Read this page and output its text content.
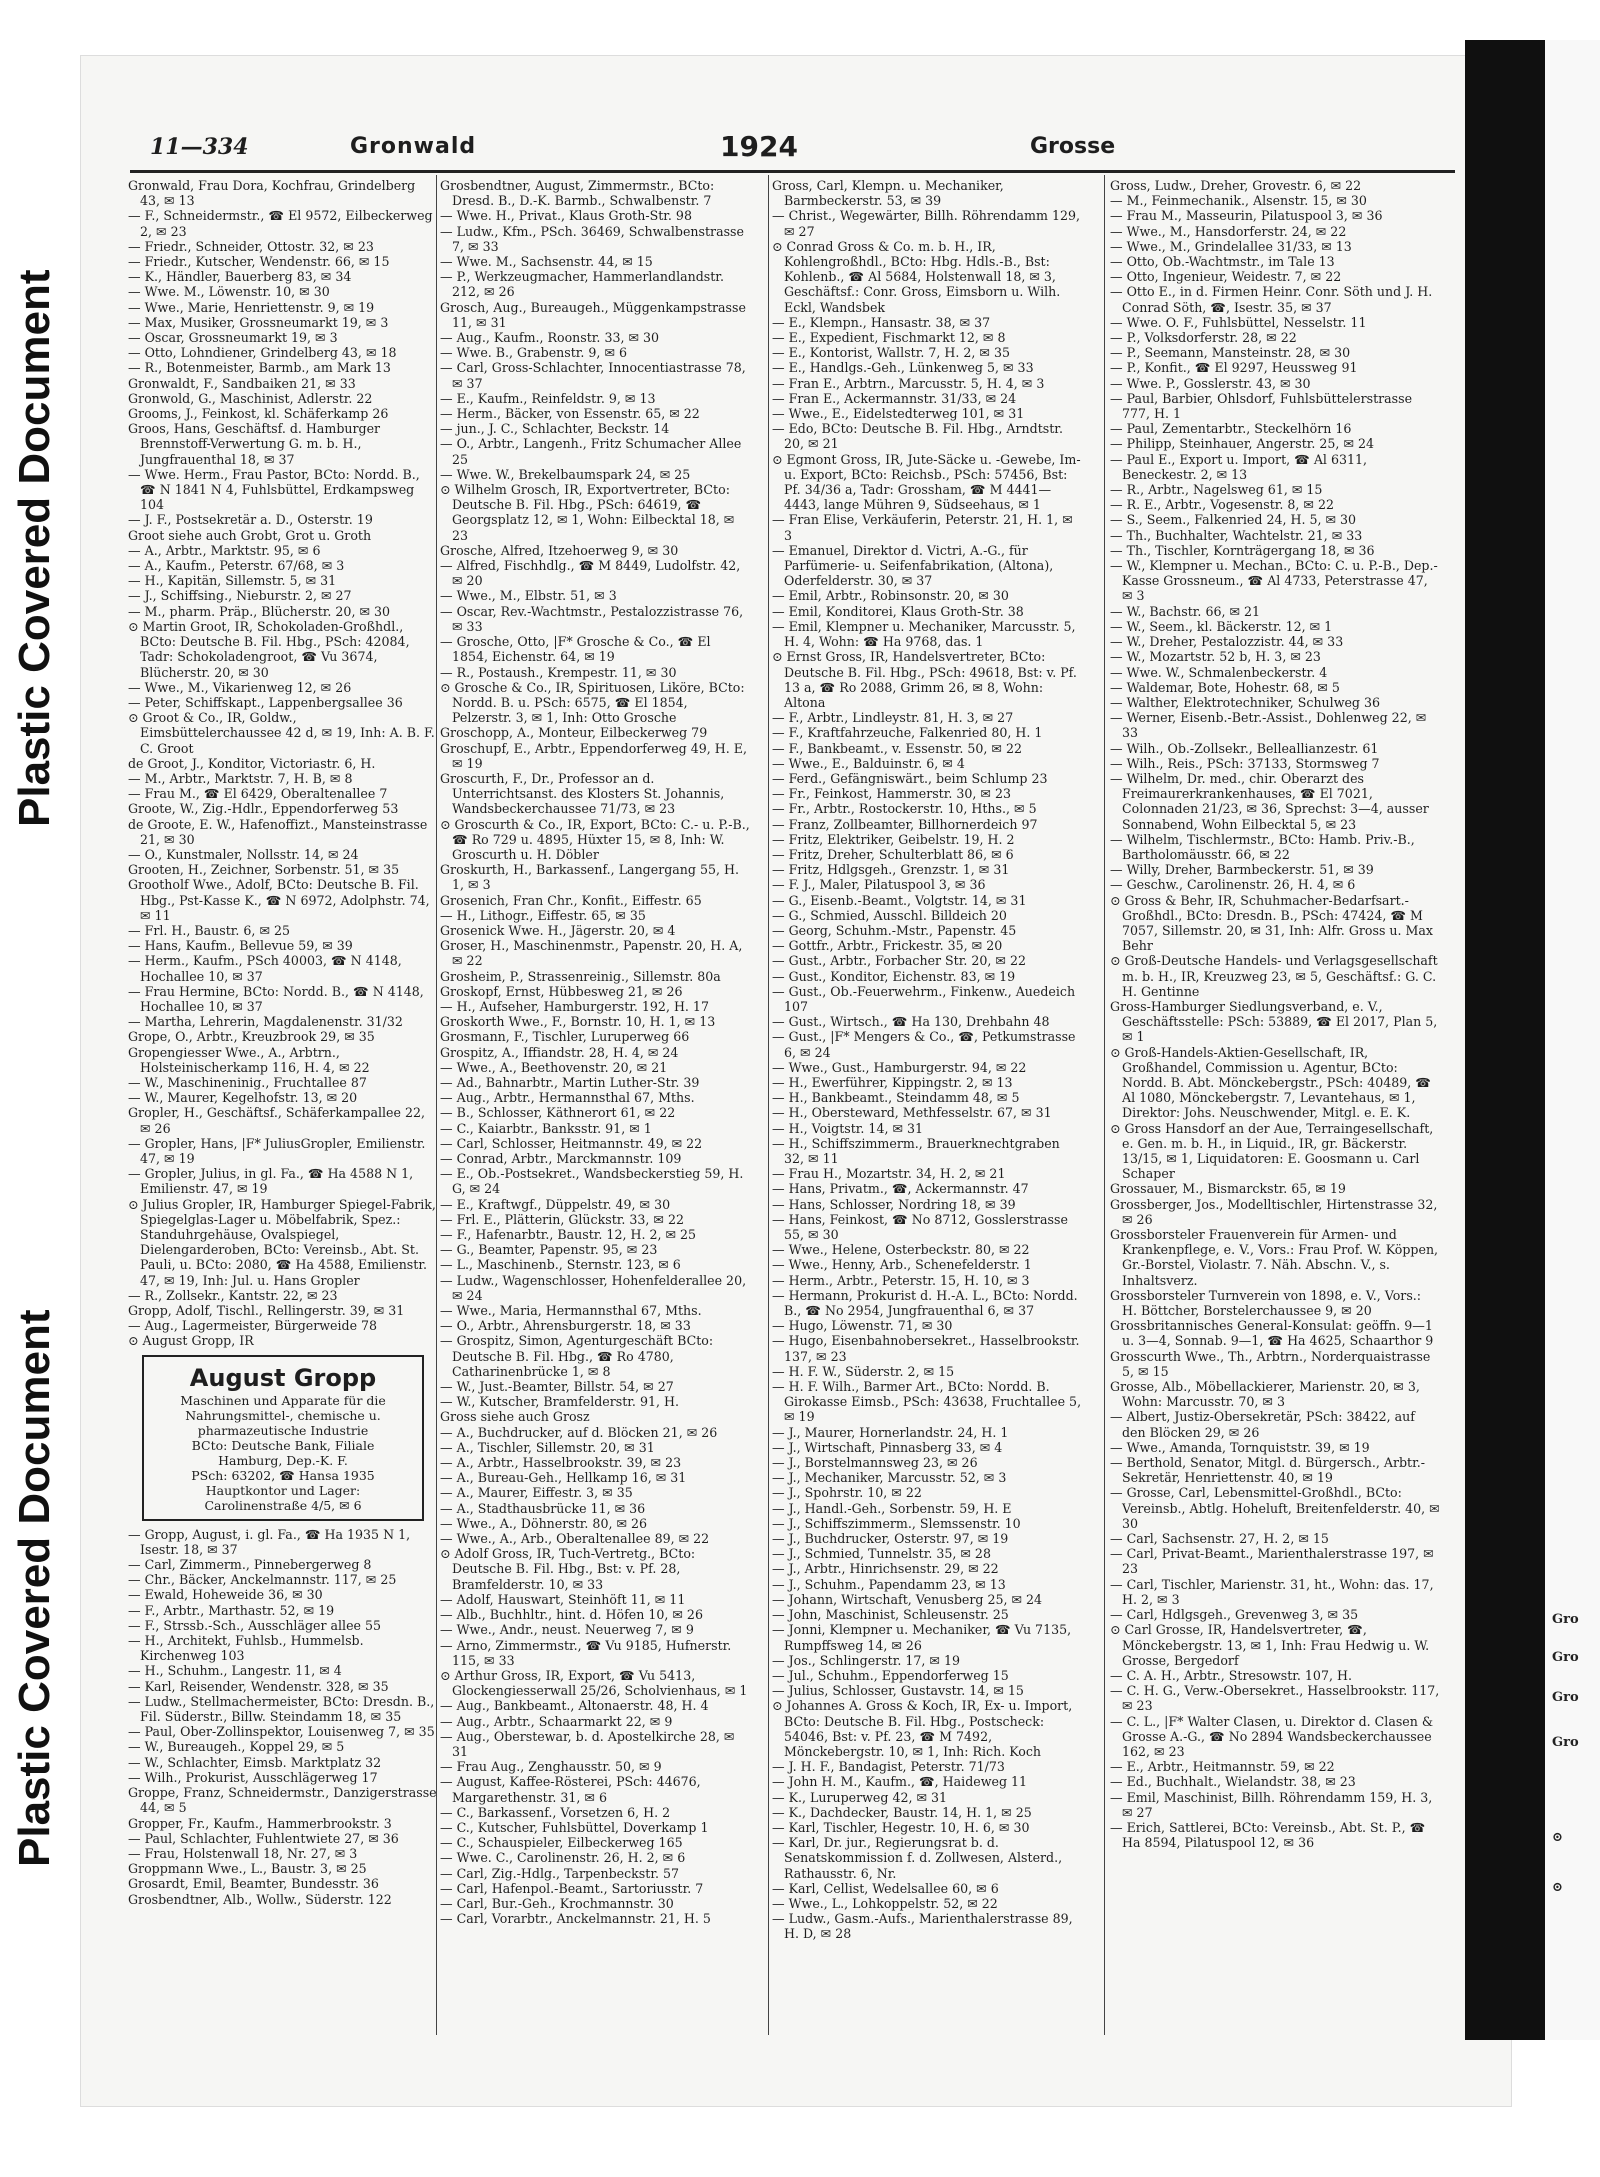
Plastic Covered Document
Plastic Covered Document	Gro
Gro
Gro
Gro
⊙
⊙
11—334	Gronwald	1924	Grosse

Gronwald, Frau Dora, Kochfrau, Grindelberg 43, ✉ 13

— F., Schneidermstr., ☎ El 9572, Eilbeckerweg 2, ✉ 23

— Friedr., Schneider, Ottostr. 32, ✉ 23

— Friedr., Kutscher, Wendenstr. 66, ✉ 15

— K., Händler, Bauerberg 83, ✉ 34

— Wwe. M., Löwenstr. 10, ✉ 30

— Wwe., Marie, Henriettenstr. 9, ✉ 19

— Max, Musiker, Grossneumarkt 19, ✉ 3

— Oscar, Grossneumarkt 19, ✉ 3

— Otto, Lohndiener, Grindelberg 43, ✉ 18

— R., Botenmeister, Barmb., am Mark 13

Gronwaldt, F., Sandbaiken 21, ✉ 33

Gronwold, G., Maschinist, Adlerstr. 22

Grooms, J., Feinkost, kl. Schäferkamp 26

Groos, Hans, Geschäftsf. d. Hamburger Brennstoff-Verwertung G. m. b. H., Jungfrauenthal 18, ✉ 37

— Wwe. Herm., Frau Pastor, BCto: Nordd. B., ☎ N 1841 N 4, Fuhlsbüttel, Erdkampsweg 104

— J. F., Postsekretär a. D., Osterstr. 19

Groot siehe auch Grobt, Grot u. Groth

— A., Arbtr., Marktstr. 95, ✉ 6

— A., Kaufm., Peterstr. 67/68, ✉ 3

— H., Kapitän, Sillemstr. 5, ✉ 31

— J., Schiffsing., Nieburstr. 2, ✉ 27

— M., pharm. Präp., Blücherstr. 20, ✉ 30

⊙ Martin Groot, IR, Schokoladen-Großhdl., BCto: Deutsche B. Fil. Hbg., PSch: 42084, Tadr: Schokoladengroot, ☎ Vu 3674, Blücherstr. 20, ✉ 30

— Wwe., M., Vikarienweg 12, ✉ 26

— Peter, Schiffskapt., Lappenbergsallee 36

⊙ Groot & Co., IR, Goldw., Eimsbüttelerchaussee 42 d, ✉ 19, Inh: A. B. F. C. Groot

de Groot, J., Konditor, Victoriastr. 6, H.

— M., Arbtr., Marktstr. 7, H. B, ✉ 8

— Frau M., ☎ El 6429, Oberaltenallee 7

Groote, W., Zig.-Hdlr., Eppendorferweg 53

de Groote, E. W., Hafenoffizt., Mansteinstrasse 21, ✉ 30

— O., Kunstmaler, Nollsstr. 14, ✉ 24

Grooten, H., Zeichner, Sorbenstr. 51, ✉ 35

Grootholf Wwe., Adolf, BCto: Deutsche B. Fil. Hbg., Pst-Kasse K., ☎ N 6972, Adolphstr. 74, ✉ 11

— Frl. H., Baustr. 6, ✉ 25

— Hans, Kaufm., Bellevue 59, ✉ 39

— Herm., Kaufm., PSch 40003, ☎ N 4148, Hochallee 10, ✉ 37

— Frau Hermine, BCto: Nordd. B., ☎ N 4148, Hochallee 10, ✉ 37

— Martha, Lehrerin, Magdalenenstr. 31/32

Grope, O., Arbtr., Kreuzbrook 29, ✉ 35

Gropengiesser Wwe., A., Arbtrn., Holsteinischerkamp 116, H. 4, ✉ 22

— W., Maschineninig., Fruchtallee 87

— W., Maurer, Kegelhofstr. 13, ✉ 20

Gropler, H., Geschäftsf., Schäferkampallee 22, ✉ 26

— Gropler, Hans, |F* JuliusGropler, Emilienstr. 47, ✉ 19

— Gropler, Julius, in gl. Fa., ☎ Ha 4588 N 1, Emilienstr. 47, ✉ 19

⊙ Julius Gropler, IR, Hamburger Spiegel-Fabrik, Spiegelglas-Lager u. Möbelfabrik, Spez.: Standuhrgehäuse, Ovalspiegel, Dielengarderoben, BCto: Vereinsb., Abt. St. Pauli, u. BCto: 2080, ☎ Ha 4588, Emilienstr. 47, ✉ 19, Inh: Jul. u. Hans Gropler

— R., Zollsekr., Kantstr. 22, ✉ 23

Gropp, Adolf, Tischl., Rellingerstr. 39, ✉ 31

— Aug., Lagermeister, Bürgerweide 78

⊙ August Gropp, IR

August Gropp
Maschinen und Apparate für die
Nahrungsmittel-, chemische u.
pharmazeutische Industrie
BCto: Deutsche Bank, Filiale
Hamburg, Dep.-K. F.
PSch: 63202, ☎ Hansa 1935
Hauptkontor und Lager:
Carolinenstraße 4/5, ✉ 6

— Gropp, August, i. gl. Fa., ☎ Ha 1935 N 1, Isestr. 18, ✉ 37

— Carl, Zimmerm., Pinnebergerweg 8

— Chr., Bäcker, Anckelmannstr. 117, ✉ 25

— Ewald, Hoheweide 36, ✉ 30

— F., Arbtr., Marthastr. 52, ✉ 19

— F., Strssb.-Sch., Ausschläger allee 55

— H., Architekt, Fuhlsb., Hummelsb. Kirchenweg 103

— H., Schuhm., Langestr. 11, ✉ 4

— Karl, Reisender, Wendenstr. 328, ✉ 35

— Ludw., Stellmachermeister, BCto: Dresdn. B., Fil. Süderstr., Billw. Steindamm 18, ✉ 35

— Paul, Ober-Zollinspektor, Louisenweg 7, ✉ 35

— W., Bureaugeh., Koppel 29, ✉ 5

— W., Schlachter, Eimsb. Marktplatz 32

— Wilh., Prokurist, Ausschlägerweg 17

Groppe, Franz, Schneidermstr., Danzigerstrasse 44, ✉ 5

Gropper, Fr., Kaufm., Hammerbrookstr. 3

— Paul, Schlachter, Fuhlentwiete 27, ✉ 36

— Frau, Holstenwall 18, Nr. 27, ✉ 3

Groppmann Wwe., L., Baustr. 3, ✉ 25

Grosardt, Emil, Beamter, Bundesstr. 36

Grosbendtner, Alb., Wollw., Süderstr. 122

Grosbendtner, August, Zimmermstr., BCto: Dresd. B., D.-K. Barmb., Schwalbenstr. 7

— Wwe. H., Privat., Klaus Groth-Str. 98

— Ludw., Kfm., PSch. 36469, Schwalbenstrasse 7, ✉ 33

— Wwe. M., Sachsenstr. 44, ✉ 15

— P., Werkzeugmacher, Hammerlandlandstr. 212, ✉ 26

Grosch, Aug., Bureaugeh., Müggenkampstrasse 11, ✉ 31

— Aug., Kaufm., Roonstr. 33, ✉ 30

— Wwe. B., Grabenstr. 9, ✉ 6

— Carl, Gross-Schlachter, Innocentiastrasse 78, ✉ 37

— E., Kaufm., Reinfeldstr. 9, ✉ 13

— Herm., Bäcker, von Essenstr. 65, ✉ 22

— jun., J. C., Schlachter, Beckstr. 14

— O., Arbtr., Langenh., Fritz Schumacher Allee 25

— Wwe. W., Brekelbaumspark 24, ✉ 25

⊙ Wilhelm Grosch, IR, Exportvertreter, BCto: Deutsche B. Fil. Hbg., PSch: 64619, ☎ Georgsplatz 12, ✉ 1, Wohn: Eilbecktal 18, ✉ 23

Grosche, Alfred, Itzehoerweg 9, ✉ 30

— Alfred, Fischhdlg., ☎ M 8449, Ludolfstr. 42, ✉ 20

— Wwe., M., Elbstr. 51, ✉ 3

— Oscar, Rev.-Wachtmstr., Pestalozzistrasse 76, ✉ 33

— Grosche, Otto, |F* Grosche & Co., ☎ El 1854, Eichenstr. 64, ✉ 19

— R., Postaush., Krempestr. 11, ✉ 30

⊙ Grosche & Co., IR, Spirituosen, Liköre, BCto: Nordd. B. u. PSch: 6575, ☎ El 1854, Pelzerstr. 3, ✉ 1, Inh: Otto Grosche

Groschopp, A., Monteur, Eilbeckerweg 79

Groschupf, E., Arbtr., Eppendorferweg 49, H. E, ✉ 19

Groscurth, F., Dr., Professor an d. Unterrichtsanst. des Klosters St. Johannis, Wandsbeckerchaussee 71/73, ✉ 23

⊙ Groscurth & Co., IR, Export, BCto: C.- u. P.-B., ☎ Ro 729 u. 4895, Hüxter 15, ✉ 8, Inh: W. Groscurth u. H. Döbler

Groskurth, H., Barkassenf., Langergang 55, H. 1, ✉ 3

Grosenich, Fran Chr., Konfit., Eiffestr. 65

— H., Lithogr., Eiffestr. 65, ✉ 35

Grosenick Wwe. H., Jägerstr. 20, ✉ 4

Groser, H., Maschinenmstr., Papenstr. 20, H. A, ✉ 22

Grosheim, P., Strassenreinig., Sillemstr. 80a

Groskopf, Ernst, Hübbesweg 21, ✉ 26

— H., Aufseher, Hamburgerstr. 192, H. 17

Groskorth Wwe., F., Bornstr. 10, H. 1, ✉ 13

Grosmann, F., Tischler, Luruperweg 66

Grospitz, A., Iffiandstr. 28, H. 4, ✉ 24

— Wwe., A., Beethovenstr. 20, ✉ 21

— Ad., Bahnarbtr., Martin Luther-Str. 39

— Aug., Arbtr., Hermannsthal 67, Mths.

— B., Schlosser, Käthnerort 61, ✉ 22

— C., Kaiarbtr., Banksstr. 91, ✉ 1

— Carl, Schlosser, Heitmannstr. 49, ✉ 22

— Conrad, Arbtr., Marckmannstr. 109

— E., Ob.-Postsekret., Wandsbeckerstieg 59, H. G, ✉ 24

— E., Kraftwgf., Düppelstr. 49, ✉ 30

— Frl. E., Plätterin, Glückstr. 33, ✉ 22

— F., Hafenarbtr., Baustr. 12, H. 2, ✉ 25

— G., Beamter, Papenstr. 95, ✉ 23

— L., Maschinenb., Sternstr. 123, ✉ 6

— Ludw., Wagenschlosser, Hohenfelderallee 20, ✉ 24

— Wwe., Maria, Hermannsthal 67, Mths.

— O., Arbtr., Ahrensburgerstr. 18, ✉ 33

— Grospitz, Simon, Agenturgeschäft BCto: Deutsche B. Fil. Hbg., ☎ Ro 4780, Catharinenbrücke 1, ✉ 8

— W., Just.-Beamter, Billstr. 54, ✉ 27

— W., Kutscher, Bramfelderstr. 91, H.

Gross siehe auch Grosz

— A., Buchdrucker, auf d. Blöcken 21, ✉ 26

— A., Tischler, Sillemstr. 20, ✉ 31

— A., Arbtr., Hasselbrookstr. 39, ✉ 23

— A., Bureau-Geh., Hellkamp 16, ✉ 31

— A., Maurer, Eiffestr. 3, ✉ 35

— A., Stadthausbrücke 11, ✉ 36

— Wwe., A., Döhnerstr. 80, ✉ 26

— Wwe., A., Arb., Oberaltenallee 89, ✉ 22

⊙ Adolf Gross, IR, Tuch-Vertretg., BCto: Deutsche B. Fil. Hbg., Bst: v. Pf. 28, Bramfelderstr. 10, ✉ 33

— Adolf, Hauswart, Steinhöft 11, ✉ 11

— Alb., Buchhltr., hint. d. Höfen 10, ✉ 26

— Wwe., Andr., neust. Neuerweg 7, ✉ 9

— Arno, Zimmermstr., ☎ Vu 9185, Hufnerstr. 115, ✉ 33

⊙ Arthur Gross, IR, Export, ☎ Vu 5413, Glockengiesserwall 25/26, Scholvienhaus, ✉ 1

— Aug., Bankbeamt., Altonaerstr. 48, H. 4

— Aug., Arbtr., Schaarmarkt 22, ✉ 9

— Aug., Oberstewar, b. d. Apostelkirche 28, ✉ 31

— Frau Aug., Zenghausstr. 50, ✉ 9

— August, Kaffee-Rösterei, PSch: 44676, Margarethenstr. 31, ✉ 6

— C., Barkassenf., Vorsetzen 6, H. 2

— C., Kutscher, Fuhlsbüttel, Doverkamp 1

— C., Schauspieler, Eilbeckerweg 165

— Wwe. C., Carolinenstr. 26, H. 2, ✉ 6

— Carl, Zig.-Hdlg., Tarpenbeckstr. 57

— Carl, Hafenpol.-Beamt., Sartoriusstr. 7

— Carl, Bur.-Geh., Krochmannstr. 30

— Carl, Vorarbtr., Anckelmannstr. 21, H. 5

Gross, Carl, Klempn. u. Mechaniker, Barmbeckerstr. 53, ✉ 39

— Christ., Wegewärter, Billh. Röhrendamm 129, ✉ 27

⊙ Conrad Gross & Co. m. b. H., IR, Kohlengroßhdl., BCto: Hbg. Hdls.-B., Bst: Kohlenb., ☎ Al 5684, Holstenwall 18, ✉ 3, Geschäftsf.: Conr. Gross, Eimsborn u. Wilh. Eckl, Wandsbek

— E., Klempn., Hansastr. 38, ✉ 37

— E., Expedient, Fischmarkt 12, ✉ 8

— E., Kontorist, Wallstr. 7, H. 2, ✉ 35

— E., Handlgs.-Geh., Lünkenweg 5, ✉ 33

— Fran E., Arbtrn., Marcusstr. 5, H. 4, ✉ 3

— Fran E., Ackermannstr. 31/33, ✉ 24

— Wwe., E., Eidelstedterweg 101, ✉ 31

— Edo, BCto: Deutsche B. Fil. Hbg., Arndtstr. 20, ✉ 21

⊙ Egmont Gross, IR, Jute-Säcke u. -Gewebe, Im- u. Export, BCto: Reichsb., PSch: 57456, Bst: Pf. 34/36 a, Tadr: Grossham, ☎ M 4441—4443, lange Mühren 9, Südseehaus, ✉ 1

— Fran Elise, Verkäuferin, Peterstr. 21, H. 1, ✉ 3

— Emanuel, Direktor d. Victri, A.-G., für Parfümerie- u. Seifenfabrikation, (Altona), Oderfelderstr. 30, ✉ 37

— Emil, Arbtr., Robinsonstr. 20, ✉ 30

— Emil, Konditorei, Klaus Groth-Str. 38

— Emil, Klempner u. Mechaniker, Marcusstr. 5, H. 4, Wohn: ☎ Ha 9768, das. 1

⊙ Ernst Gross, IR, Handelsvertreter, BCto: Deutsche B. Fil. Hbg., PSch: 49618, Bst: v. Pf. 13 a, ☎ Ro 2088, Grimm 26, ✉ 8, Wohn: Altona

— F., Arbtr., Lindleystr. 81, H. 3, ✉ 27

— F., Kraftfahrzeuche, Falkenried 80, H. 1

— F., Bankbeamt., v. Essenstr. 50, ✉ 22

— Wwe., E., Balduinstr. 6, ✉ 4

— Ferd., Gefängniswärt., beim Schlump 23

— Fr., Feinkost, Hammerstr. 30, ✉ 23

— Fr., Arbtr., Rostockerstr. 10, Hths., ✉ 5

— Franz, Zollbeamter, Billhornerdeich 97

— Fritz, Elektriker, Geibelstr. 19, H. 2

— Fritz, Dreher, Schulterblatt 86, ✉ 6

— Fritz, Hdlgsgeh., Grenzstr. 1, ✉ 31

— F. J., Maler, Pilatuspool 3, ✉ 36

— G., Eisenb.-Beamt., Volgtstr. 14, ✉ 31

— G., Schmied, Ausschl. Billdeich 20

— Georg, Schuhm.-Mstr., Papenstr. 45

— Gottfr., Arbtr., Frickestr. 35, ✉ 20

— Gust., Arbtr., Forbacher Str. 20, ✉ 22

— Gust., Konditor, Eichenstr. 83, ✉ 19

— Gust., Ob.-Feuerwehrm., Finkenw., Auedeich 107

— Gust., Wirtsch., ☎ Ha 130, Drehbahn 48

— Gust., |F* Mengers & Co., ☎, Petkumstrasse 6, ✉ 24

— Wwe., Gust., Hamburgerstr. 94, ✉ 22

— H., Ewerführer, Kippingstr. 2, ✉ 13

— H., Bankbeamt., Steindamm 48, ✉ 5

— H., Obersteward, Methfesselstr. 67, ✉ 31

— H., Voigtstr. 14, ✉ 31

— H., Schiffszimmerm., Brauerknechtgraben 32, ✉ 11

— Frau H., Mozartstr. 34, H. 2, ✉ 21

— Hans, Privatm., ☎, Ackermannstr. 47

— Hans, Schlosser, Nordring 18, ✉ 39

— Hans, Feinkost, ☎ No 8712, Gosslerstrasse 55, ✉ 30

— Wwe., Helene, Osterbeckstr. 80, ✉ 22

— Wwe., Henny, Arb., Schenefelderstr. 1

— Herm., Arbtr., Peterstr. 15, H. 10, ✉ 3

— Hermann, Prokurist d. H.-A. L., BCto: Nordd. B., ☎ No 2954, Jungfrauenthal 6, ✉ 37

— Hugo, Löwenstr. 71, ✉ 30

— Hugo, Eisenbahnobersekret., Hasselbrookstr. 137, ✉ 23

— H. F. W., Süderstr. 2, ✉ 15

— H. F. Wilh., Barmer Art., BCto: Nordd. B. Girokasse Eimsb., PSch: 43638, Fruchtallee 5, ✉ 19

— J., Maurer, Hornerlandstr. 24, H. 1

— J., Wirtschaft, Pinnasberg 33, ✉ 4

— J., Borstelmannsweg 23, ✉ 26

— J., Mechaniker, Marcusstr. 52, ✉ 3

— J., Spohrstr. 10, ✉ 22

— J., Handl.-Geh., Sorbenstr. 59, H. E

— J., Schiffszimmerm., Slemssenstr. 10

— J., Buchdrucker, Osterstr. 97, ✉ 19

— J., Schmied, Tunnelstr. 35, ✉ 28

— J., Arbtr., Hinrichsenstr. 29, ✉ 22

— J., Schuhm., Papendamm 23, ✉ 13

— Johann, Wirtschaft, Venusberg 25, ✉ 24

— John, Maschinist, Schleusenstr. 25

— Jonni, Klempner u. Mechaniker, ☎ Vu 7135, Rumpffsweg 14, ✉ 26

— Jos., Schlingerstr. 17, ✉ 19

— Jul., Schuhm., Eppendorferweg 15

— Julius, Schlosser, Gustavstr. 14, ✉ 15

⊙ Johannes A. Gross & Koch, IR, Ex- u. Import, BCto: Deutsche B. Fil. Hbg., Postscheck: 54046, Bst: v. Pf. 23, ☎ M 7492, Mönckebergstr. 10, ✉ 1, Inh: Rich. Koch

— J. H. F., Bandagist, Peterstr. 71/73

— John H. M., Kaufm., ☎, Haideweg 11

— K., Luruperweg 42, ✉ 31

— K., Dachdecker, Baustr. 14, H. 1, ✉ 25

— Karl, Tischler, Hegestr. 10, H. 6, ✉ 30

— Karl, Dr. jur., Regierungsrat b. d. Senatskommission f. d. Zollwesen, Alsterd., Rathausstr. 6, Nr.

— Karl, Cellist, Wedelsallee 60, ✉ 6

— Wwe., L., Lohkoppelstr. 52, ✉ 22

— Ludw., Gasm.-Aufs., Marienthalerstrasse 89, H. D, ✉ 28

Gross, Ludw., Dreher, Grovestr. 6, ✉ 22

— M., Feinmechanik., Alsenstr. 15, ✉ 30

— Frau M., Masseurin, Pilatuspool 3, ✉ 36

— Wwe., M., Hansdorferstr. 24, ✉ 22

— Wwe., M., Grindelallee 31/33, ✉ 13

— Otto, Ob.-Wachtmstr., im Tale 13

— Otto, Ingenieur, Weidestr. 7, ✉ 22

— Otto E., in d. Firmen Heinr. Conr. Söth und J. H. Conrad Söth, ☎, Isestr. 35, ✉ 37

— Wwe. O. F., Fuhlsbüttel, Nesselstr. 11

— P., Volksdorferstr. 28, ✉ 22

— P., Seemann, Mansteinstr. 28, ✉ 30

— P., Konfit., ☎ El 9297, Heussweg 91

— Wwe. P., Gosslerstr. 43, ✉ 30

— Paul, Barbier, Ohlsdorf, Fuhlsbüttelerstrasse 777, H. 1

— Paul, Zementarbtr., Steckelhörn 16

— Philipp, Steinhauer, Angerstr. 25, ✉ 24

— Paul E., Export u. Import, ☎ Al 6311, Beneckestr. 2, ✉ 13

— R., Arbtr., Nagelsweg 61, ✉ 15

— R. E., Arbtr., Vogesenstr. 8, ✉ 22

— S., Seem., Falkenried 24, H. 5, ✉ 30

— Th., Buchhalter, Wachtelstr. 21, ✉ 33

— Th., Tischler, Kornträgergang 18, ✉ 36

— W., Klempner u. Mechan., BCto: C. u. P.-B., Dep.-Kasse Grossneum., ☎ Al 4733, Peterstrasse 47, ✉ 3

— W., Bachstr. 66, ✉ 21

— W., Seem., kl. Bäckerstr. 12, ✉ 1

— W., Dreher, Pestalozzistr. 44, ✉ 33

— W., Mozartstr. 52 b, H. 3, ✉ 23

— Wwe. W., Schmalenbeckerstr. 4

— Waldemar, Bote, Hohestr. 68, ✉ 5

— Walther, Elektrotechniker, Schulweg 36

— Werner, Eisenb.-Betr.-Assist., Dohlenweg 22, ✉ 33

— Wilh., Ob.-Zollsekr., Belleallianzestr. 61

— Wilh., Reis., PSch: 37133, Stormsweg 7

— Wilhelm, Dr. med., chir. Oberarzt des Freimaurerkrankenhauses, ☎ El 7021, Colonnaden 21/23, ✉ 36, Sprechst: 3—4, ausser Sonnabend, Wohn Eilbecktal 5, ✉ 23

— Wilhelm, Tischlermstr., BCto: Hamb. Priv.-B., Bartholomäusstr. 66, ✉ 22

— Willy, Dreher, Barmbeckerstr. 51, ✉ 39

— Geschw., Carolinenstr. 26, H. 4, ✉ 6

⊙ Gross & Behr, IR, Schuhmacher-Bedarfsart.-Großhdl., BCto: Dresdn. B., PSch: 47424, ☎ M 7057, Sillemstr. 20, ✉ 31, Inh: Alfr. Gross u. Max Behr

⊙ Groß-Deutsche Handels- und Verlagsgesellschaft m. b. H., IR, Kreuzweg 23, ✉ 5, Geschäftsf.: G. C. H. Gentinne

Gross-Hamburger Siedlungsverband, e. V., Geschäftsstelle: PSch: 53889, ☎ El 2017, Plan 5, ✉ 1

⊙ Groß-Handels-Aktien-Gesellschaft, IR, Großhandel, Commission u. Agentur, BCto: Nordd. B. Abt. Mönckebergstr., PSch: 40489, ☎ Al 1080, Mönckebergstr. 7, Levantehaus, ✉ 1, Direktor: Johs. Neuschwender, Mitgl. e. E. K.

⊙ Gross Hansdorf an der Aue, Terraingesellschaft, e. Gen. m. b. H., in Liquid., IR, gr. Bäckerstr. 13/15, ✉ 1, Liquidatoren: E. Goosmann u. Carl Schaper

Grossauer, M., Bismarckstr. 65, ✉ 19

Grossberger, Jos., Modelltischler, Hirtenstrasse 32, ✉ 26

Grossborsteler Frauenverein für Armen- und Krankenpflege, e. V., Vors.: Frau Prof. W. Köppen, Gr.-Borstel, Violastr. 7. Näh. Abschn. V., s. Inhaltsverz.

Grossborsteler Turnverein von 1898, e. V., Vors.: H. Böttcher, Borstelerchaussee 9, ✉ 20

Grossbritannisches General-Konsulat: geöffn. 9—1 u. 3—4, Sonnab. 9—1, ☎ Ha 4625, Schaarthor 9

Grosscurth Wwe., Th., Arbtrn., Norderquaistrasse 5, ✉ 15

Grosse, Alb., Möbellackierer, Marienstr. 20, ✉ 3, Wohn: Marcusstr. 70, ✉ 3

— Albert, Justiz-Obersekretär, PSch: 38422, auf den Blöcken 29, ✉ 26

— Wwe., Amanda, Tornquiststr. 39, ✉ 19

— Berthold, Senator, Mitgl. d. Bürgersch., Arbtr.-Sekretär, Henriettenstr. 40, ✉ 19

— Grosse, Carl, Lebensmittel-Großhdl., BCto: Vereinsb., Abtlg. Hoheluft, Breitenfelderstr. 40, ✉ 30

— Carl, Sachsenstr. 27, H. 2, ✉ 15

— Carl, Privat-Beamt., Marienthalerstrasse 197, ✉ 23

— Carl, Tischler, Marienstr. 31, ht., Wohn: das. 17, H. 2, ✉ 3

— Carl, Hdlgsgeh., Grevenweg 3, ✉ 35

⊙ Carl Grosse, IR, Handelsvertreter, ☎, Mönckebergstr. 13, ✉ 1, Inh: Frau Hedwig u. W. Grosse, Bergedorf

— C. A. H., Arbtr., Stresowstr. 107, H.

— C. H. G., Verw.-Obersekret., Hasselbrookstr. 117, ✉ 23

— C. L., |F* Walter Clasen, u. Direktor d. Clasen & Grosse A.-G., ☎ No 2894 Wandsbeckerchaussee 162, ✉ 23

— E., Arbtr., Heitmannstr. 59, ✉ 22

— Ed., Buchhalt., Wielandstr. 38, ✉ 23

— Emil, Maschinist, Billh. Röhrendamm 159, H. 3, ✉ 27

— Erich, Sattlerei, BCto: Vereinsb., Abt. St. P., ☎ Ha 8594, Pilatuspool 12, ✉ 36
